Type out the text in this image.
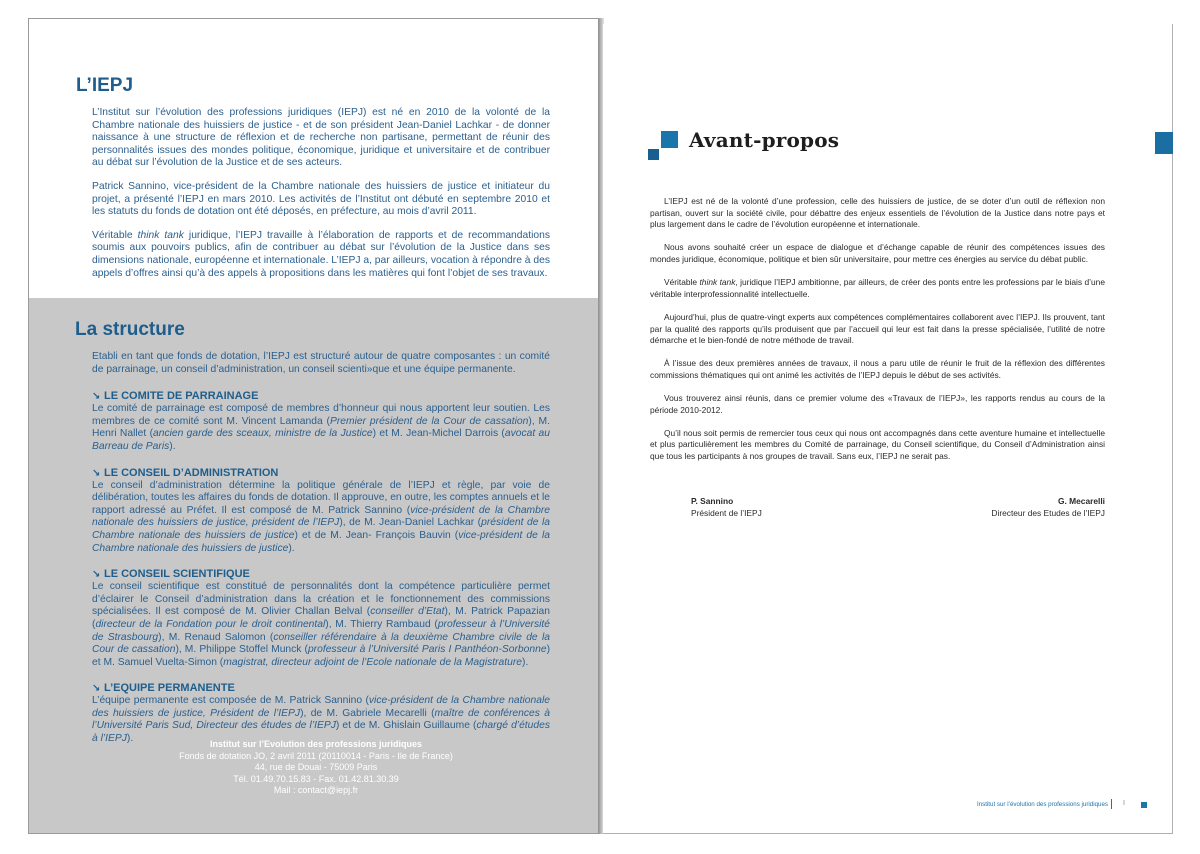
L’IEPJ

L’Institut sur l’évolution des professions juridiques (IEPJ) est né en 2010 de la volonté de la Chambre nationale des huissiers de justice - et de son président Jean-Daniel Lachkar - de donner naissance à une structure de réflexion et de recherche non partisane, permettant de réunir des personnalités issues des mondes politique, économique, juridique et universitaire et de contribuer au débat sur l’évolution de la Justice et de ses acteurs.

Patrick Sannino, vice-président de la Chambre nationale des huissiers de justice et initiateur du projet, a présenté l’IEPJ en mars 2010. Les activités de l’Institut ont débuté en septembre 2010 et les statuts du fonds de dotation ont été déposés, en préfecture, au mois d’avril 2011.

Véritable think tank juridique, l’IEPJ travaille à l’élaboration de rapports et de recommandations soumis aux pouvoirs publics, afin de contribuer au débat sur l’évolution de la Justice dans ses dimensions nationale, européenne et internationale. L’IEPJ a, par ailleurs, vocation à répondre à des appels d’offres ainsi qu’à des appels à propositions dans les matières qui font l’objet de ses travaux.

La structure

Etabli en tant que fonds de dotation, l’IEPJ est structuré autour de quatre composantes : un comité de parrainage, un conseil d’administration, un conseil scienti»que et une équipe permanente.

↘ LE COMITE DE PARRAINAGE

Le comité de parrainage est composé de membres d’honneur qui nous apportent leur soutien. Les membres de ce comité sont M. Vincent Lamanda (Premier président de la Cour de cassation), M. Henri Nallet (ancien garde des sceaux, ministre de la Justice) et M. Jean-Michel Darrois (avocat au Barreau de Paris).

↘ LE CONSEIL D’ADMINISTRATION

Le conseil d’administration détermine la politique générale de l’IEPJ et règle, par voie de délibération, toutes les affaires du fonds de dotation. Il approuve, en outre, les comptes annuels et le rapport adressé au Préfet. Il est composé de M. Patrick Sannino (vice-président de la Chambre nationale des huissiers de justice, président de l’IEPJ), de M. Jean-Daniel Lachkar (président de la Chambre nationale des huissiers de justice) et de M. Jean- François Bauvin (vice-président de la Chambre nationale des huissiers de justice).

↘ LE CONSEIL SCIENTIFIQUE

Le conseil scientifique est constitué de personnalités dont la compétence particulière permet d’éclairer le Conseil d’administration dans la création et le fonctionnement des commissions spécialisées. Il est composé de M. Olivier Challan Belval (conseiller d’Etat), M. Patrick Papazian (directeur de la Fondation pour le droit continental), M. Thierry Rambaud (professeur à l’Université de Strasbourg), M. Renaud Salomon (conseiller référendaire à la deuxième Chambre civile de la Cour de cassation), M. Philippe Stoffel Munck (professeur à l’Université Paris I Panthéon-Sorbonne) et M. Samuel Vuelta-Simon (magistrat, directeur adjoint de l’Ecole nationale de la Magistrature).

↘ L’EQUIPE PERMANENTE

L’équipe permanente est composée de M. Patrick Sannino (vice-président de la Chambre nationale des huissiers de justice, Président de l’IEPJ), de M. Gabriele Mecarelli (maître de conférences à l’Université Paris Sud, Directeur des études de l’IEPJ) et de M. Ghislain Guillaume (chargé d’études à l’IEPJ).	Institut sur l’Evolution des professions juridiques
Fonds de dotation JO, 2 avril 2011 (20110014 - Paris - Ile de France)
44, rue de Douai - 75009 Paris
Tél. 01.49.70.15.83 - Fax. 01.42.81.30.39
Mail : contact@iepj.fr
Avant-propos

L’IEPJ est né de la volonté d’une profession, celle des huissiers de justice, de se doter d’un outil de réflexion non partisan, ouvert sur la société civile, pour débattre des enjeux essentiels de l’évolution de la Justice dans notre pays et plus largement dans le cadre de l’évolution européenne et internationale.

Nous avons souhaité créer un espace de dialogue et d’échange capable de réunir des compétences issues des mondes juridique, économique, politique et bien sûr universitaire, pour mettre ces énergies au service du débat public.

Véritable think tank, juridique l’IEPJ ambitionne, par ailleurs, de créer des ponts entre les professions par le biais d’une véritable interprofessionnalité intellectuelle.

Aujourd’hui, plus de quatre-vingt experts aux compétences complémentaires collaborent avec l’IEPJ. Ils prouvent, tant par la qualité des rapports qu’ils produisent que par l’accueil qui leur est fait dans la presse spécialisée, l’utilité de notre démarche et le bien-fondé de notre méthode de travail.

À l’issue des deux premières années de travaux, il nous a paru utile de réunir le fruit de la réflexion des différentes commissions thématiques qui ont animé les activités de l’IEPJ depuis le début de ses activités.

Vous trouverez ainsi réunis, dans ce premier volume des «Travaux de l’IEPJ», les rapports rendus au cours de la période 2010-2012.

Qu’il nous soit permis de remercier tous ceux qui nous ont accompagnés dans cette aventure humaine et intellectuelle et plus particulièrement les membres du Comité de parrainage, du Conseil scientifique, du Conseil d’Administration ainsi que tous les participants à nos groupes de travail. Sans eux, l’IEPJ ne serait pas.

P. Sannino
Président de l’IEPJ
G. Mecarelli
Directeur des Etudes de l’IEPJ
Institut sur l’évolution des professions juridiques I
